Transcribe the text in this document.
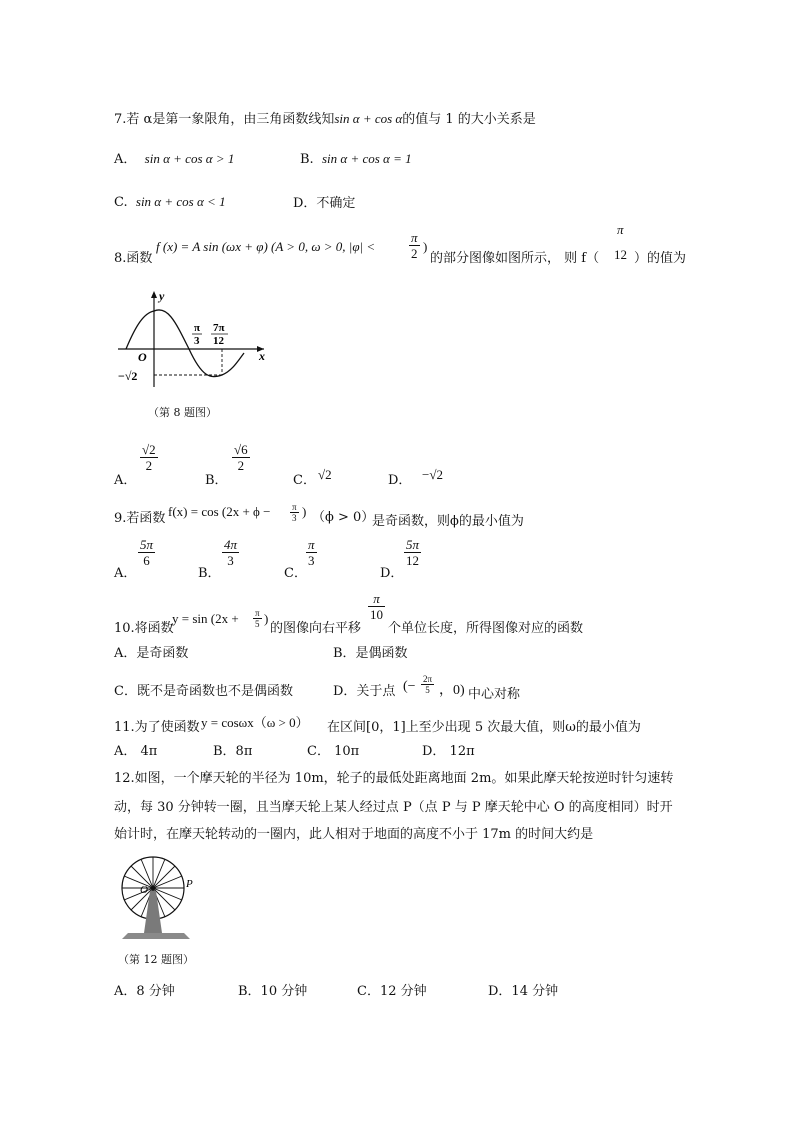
7.若 α是第一象限角，由三角函数线知sin α + cos α的值与 1 的大小关系是
A． sin α + cos α > 1	B. sin α + cos α = 1
C. sin α + cos α < 1	D．不确定
8.函数
f (x) = A sin (ωx + φ) (A > 0, ω > 0, |φ| <	$\frac{\pi}{2}$ )
的部分图像如图所示， 则 f（
π
12 ）的值为
y
x
O
π
3
7π
12
−√2
（第 8 题图）
A．
$\frac{√2}{2}$
B．
$\frac{√6}{2}$
C． √2	D． −√2
9.若函数 $f(x) = \cos (2x + \phi - \frac{\pi}{3}$ ) （ϕ > 0）
是奇函数，则ϕ的最小值为
A．
$\frac{5\pi}{6}$
B．
$\frac{4\pi}{3}$
C．
$\frac{\pi}{3}$
D．
$\frac{5\pi}{12}$
10.将函数
$y = \sin (2x + \frac{\pi}{5}$ )
的图像向右平移
$\frac{\pi}{10}$
个单位长度，所得图像对应的函数
A．是奇函数	B．是偶函数
C．既不是奇函数也不是偶函数	D．关于点 (− $\frac{2\pi}{5}$ ，0) 中心对称
11.为了使函数 y = cosωx（ω > 0） 在区间[0，1]上至少出现 5 次最大值，则ω的最小值为
A． 4π	B．8π	C． 10π	D． 12π
12.如图，一个摩天轮的半径为 10m，轮子的最低处距离地面 2m。如果此摩天轮按逆时针匀速转
动，每 30 分钟转一圈，且当摩天轮上某人经过点 P（点 P 与 P 摩天轮中心 O 的高度相同）时开
始计时，在摩天轮转动的一圈内，此人相对于地面的高度不小于 17m 的时间大约是
O	P
（第 12 题图）
A．8 分钟	B．10 分钟	C．12 分钟	D．14 分钟
